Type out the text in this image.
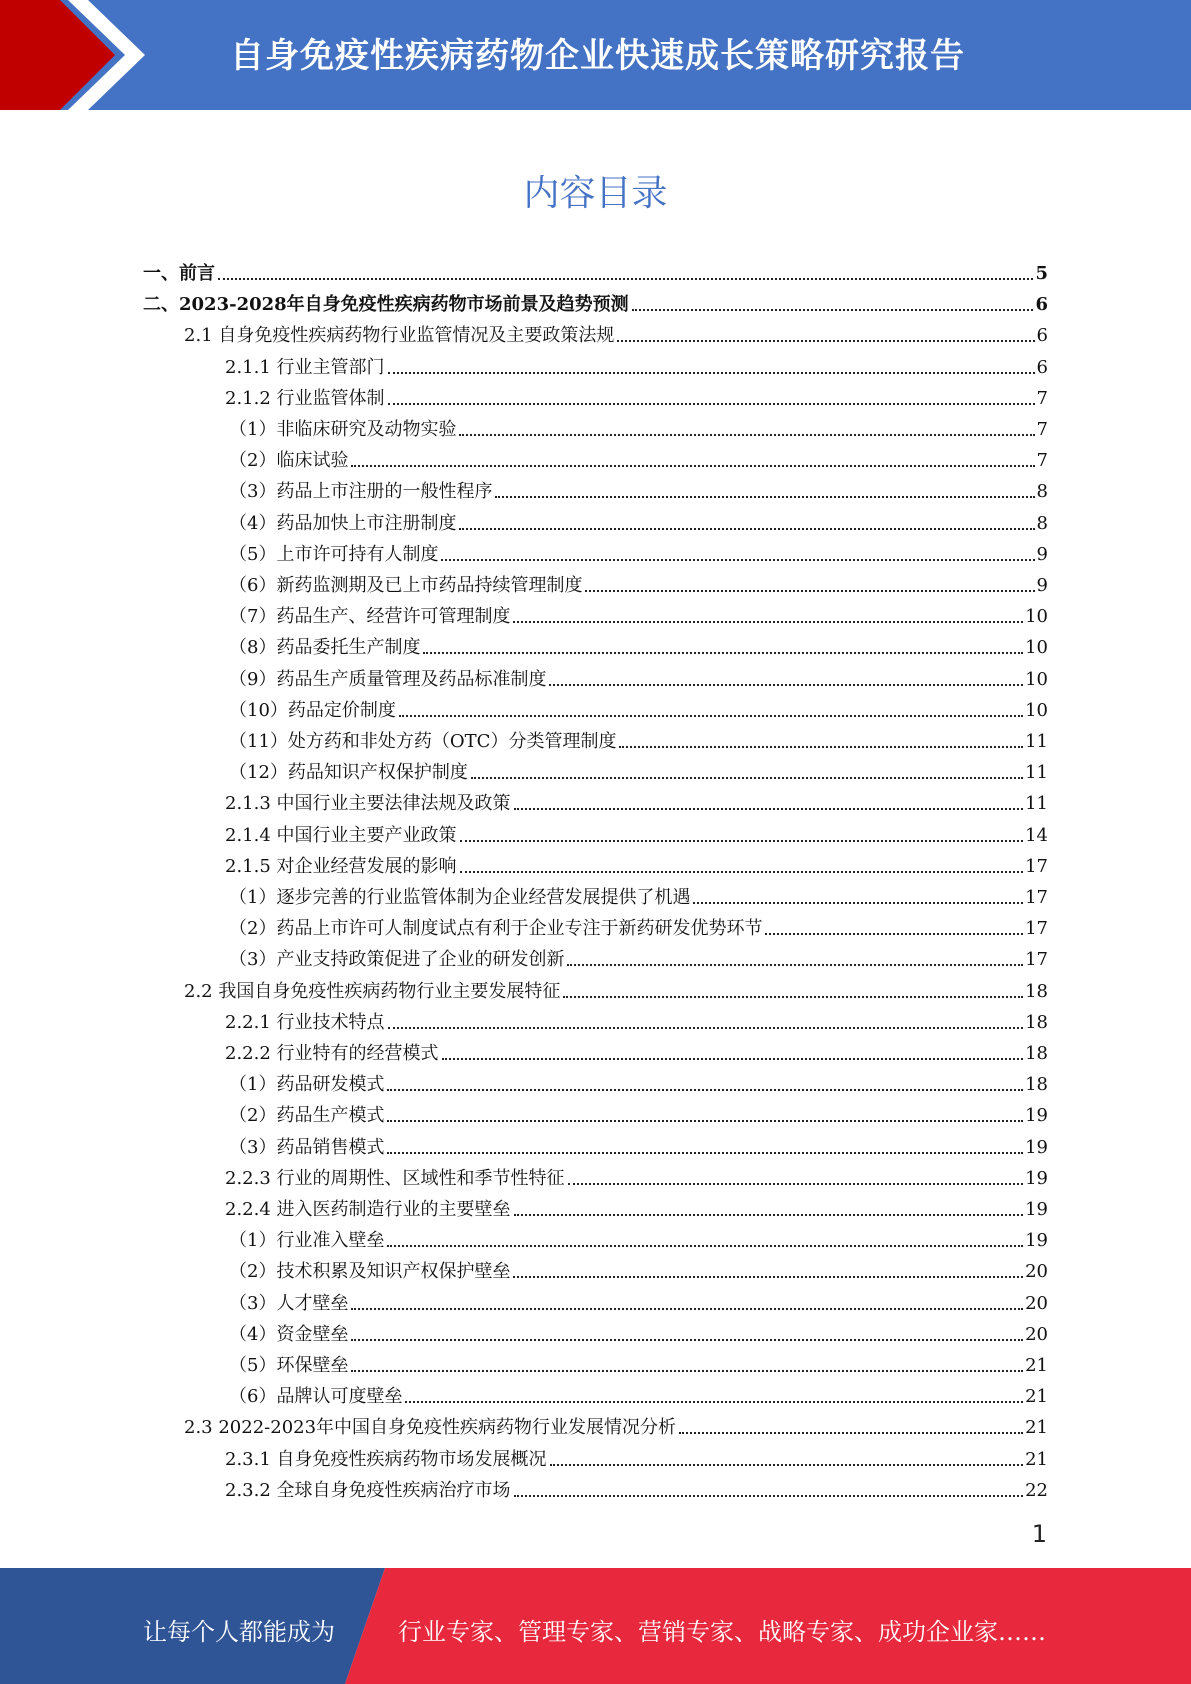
自身免疫性疾病药物企业快速成长策略研究报告
内容目录
一、前言	5
二、2023-2028年自身免疫性疾病药物市场前景及趋势预测	6
2.1 自身免疫性疾病药物行业监管情况及主要政策法规	6
2.1.1 行业主管部门	6
2.1.2 行业监管体制	7
（1）非临床研究及动物实验	7
（2）临床试验	7
（3）药品上市注册的一般性程序	8
（4）药品加快上市注册制度	8
（5）上市许可持有人制度	9
（6）新药监测期及已上市药品持续管理制度	9
（7）药品生产、经营许可管理制度	10
（8）药品委托生产制度	10
（9）药品生产质量管理及药品标准制度	10
（10）药品定价制度	10
（11）处方药和非处方药（OTC）分类管理制度	11
（12）药品知识产权保护制度	11
2.1.3 中国行业主要法律法规及政策	11
2.1.4 中国行业主要产业政策	14
2.1.5 对企业经营发展的影响	17
（1）逐步完善的行业监管体制为企业经营发展提供了机遇	17
（2）药品上市许可人制度试点有利于企业专注于新药研发优势环节	17
（3）产业支持政策促进了企业的研发创新	17
2.2 我国自身免疫性疾病药物行业主要发展特征	18
2.2.1 行业技术特点	18
2.2.2 行业特有的经营模式	18
（1）药品研发模式	18
（2）药品生产模式	19
（3）药品销售模式	19
2.2.3 行业的周期性、区域性和季节性特征	19
2.2.4 进入医药制造行业的主要壁垒	19
（1）行业准入壁垒	19
（2）技术积累及知识产权保护壁垒	20
（3）人才壁垒	20
（4）资金壁垒	20
（5）环保壁垒	21
（6）品牌认可度壁垒	21
2.3 2022-2023年中国自身免疫性疾病药物行业发展情况分析	21
2.3.1 自身免疫性疾病药物市场发展概况	21
2.3.2 全球自身免疫性疾病治疗市场	22
1
让每个人都能成为	行业专家、管理专家、营销专家、战略专家、成功企业家……
